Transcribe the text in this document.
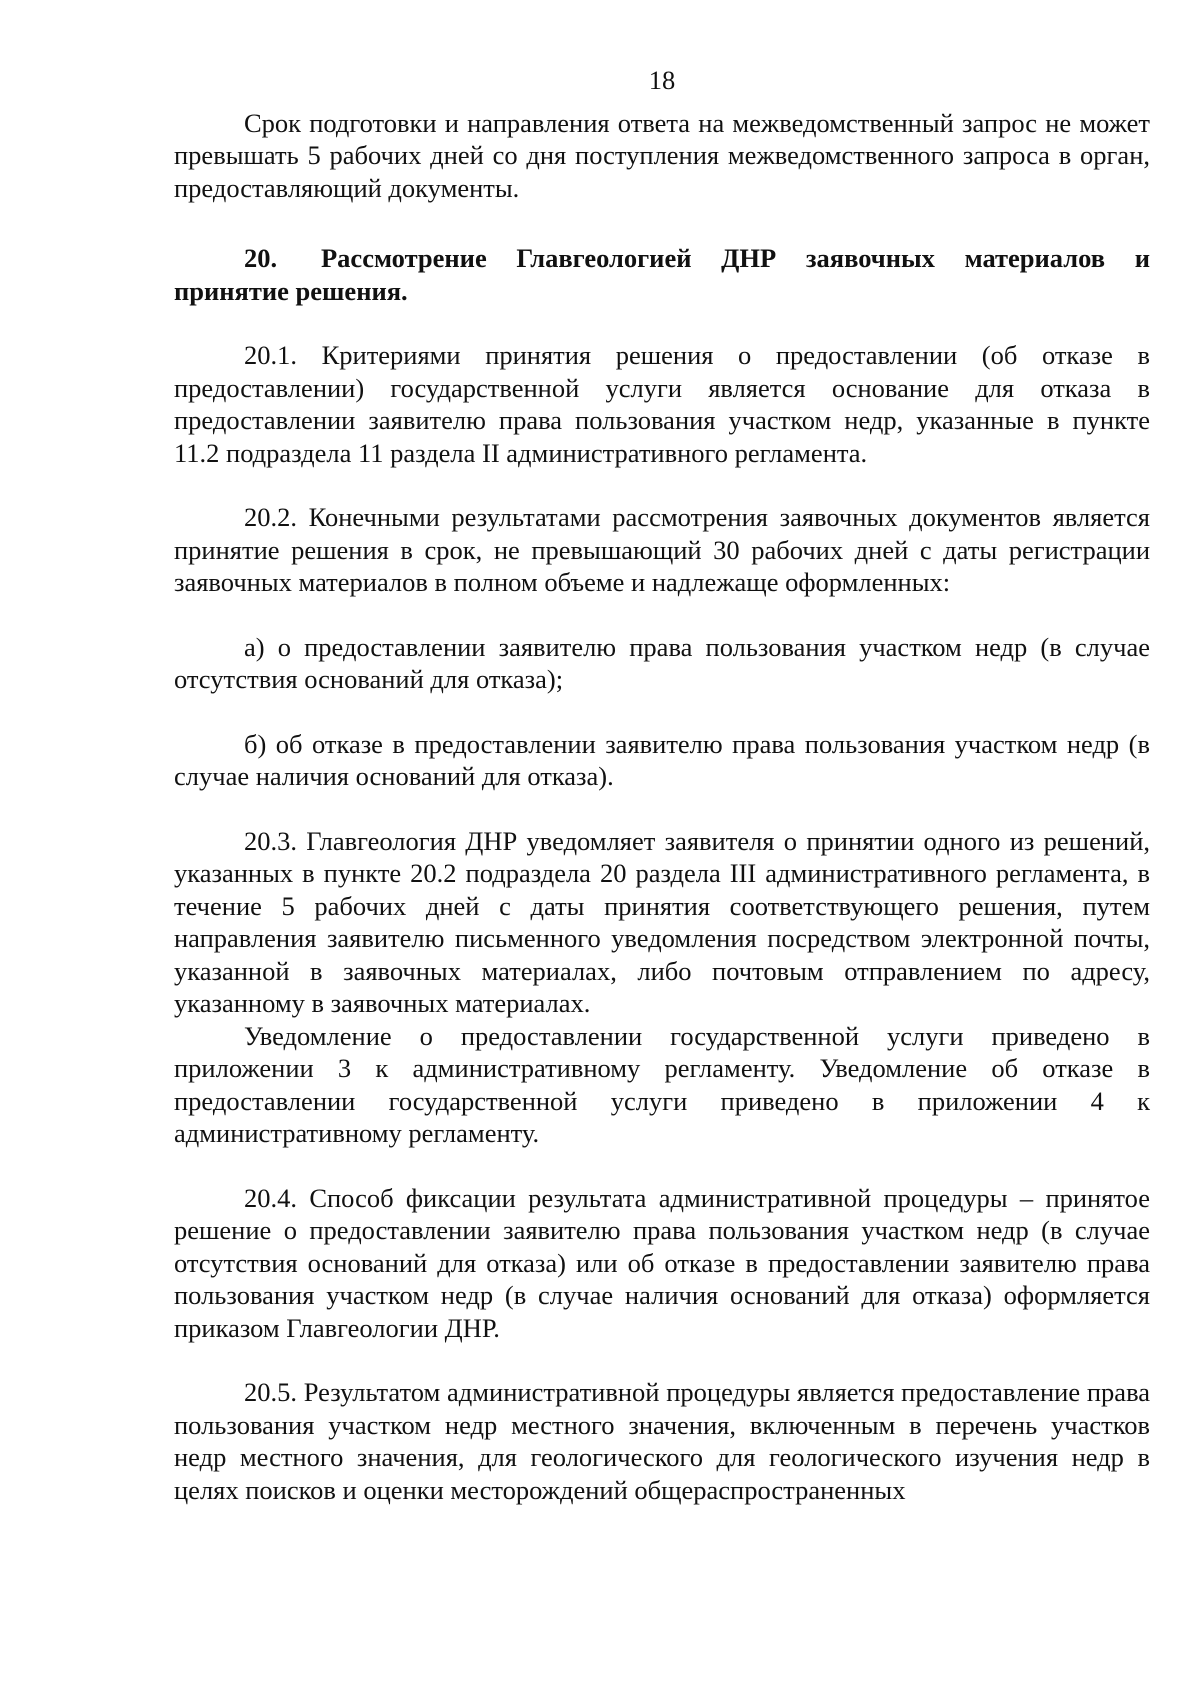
18

Срок подготовки и направления ответа на межведомственный запрос не может превышать 5 рабочих дней со дня поступления межведомственного запроса в орган, предоставляющий документы.

20. Рассмотрение Главгеологией ДНР заявочных материалов и принятие решения.

20.1. Критериями принятия решения о предоставлении (об отказе в предоставлении) государственной услуги является основание для отказа в предоставлении заявителю права пользования участком недр, указанные в пункте 11.2 подраздела 11 раздела II административного регламента.

20.2. Конечными результатами рассмотрения заявочных документов является принятие решения в срок, не превышающий 30 рабочих дней с даты регистрации заявочных материалов в полном объеме и надлежаще оформленных:

а) о предоставлении заявителю права пользования участком недр (в случае отсутствия оснований для отказа);

б) об отказе в предоставлении заявителю права пользования участком недр (в случае наличия оснований для отказа).

20.3. Главгеология ДНР уведомляет заявителя о принятии одного из решений, указанных в пункте 20.2 подраздела 20 раздела III административного регламента, в течение 5 рабочих дней с даты принятия соответствующего решения, путем направления заявителю письменного уведомления посредством электронной почты, указанной в заявочных материалах, либо почтовым отправлением по адресу, указанному в заявочных материалах.

Уведомление о предоставлении государственной услуги приведено в приложении 3 к административному регламенту. Уведомление об отказе в предоставлении государственной услуги приведено в приложении 4 к административному регламенту.

20.4. Способ фиксации результата административной процедуры – принятое решение о предоставлении заявителю права пользования участком недр (в случае отсутствия оснований для отказа) или об отказе в предоставлении заявителю права пользования участком недр (в случае наличия оснований для отказа) оформляется приказом Главгеологии ДНР.

20.5. Результатом административной процедуры является предоставление права пользования участком недр местного значения, включенным в перечень участков недр местного значения, для геологического для геологического изучения недр в целях поисков и оценки месторождений общераспространенных
